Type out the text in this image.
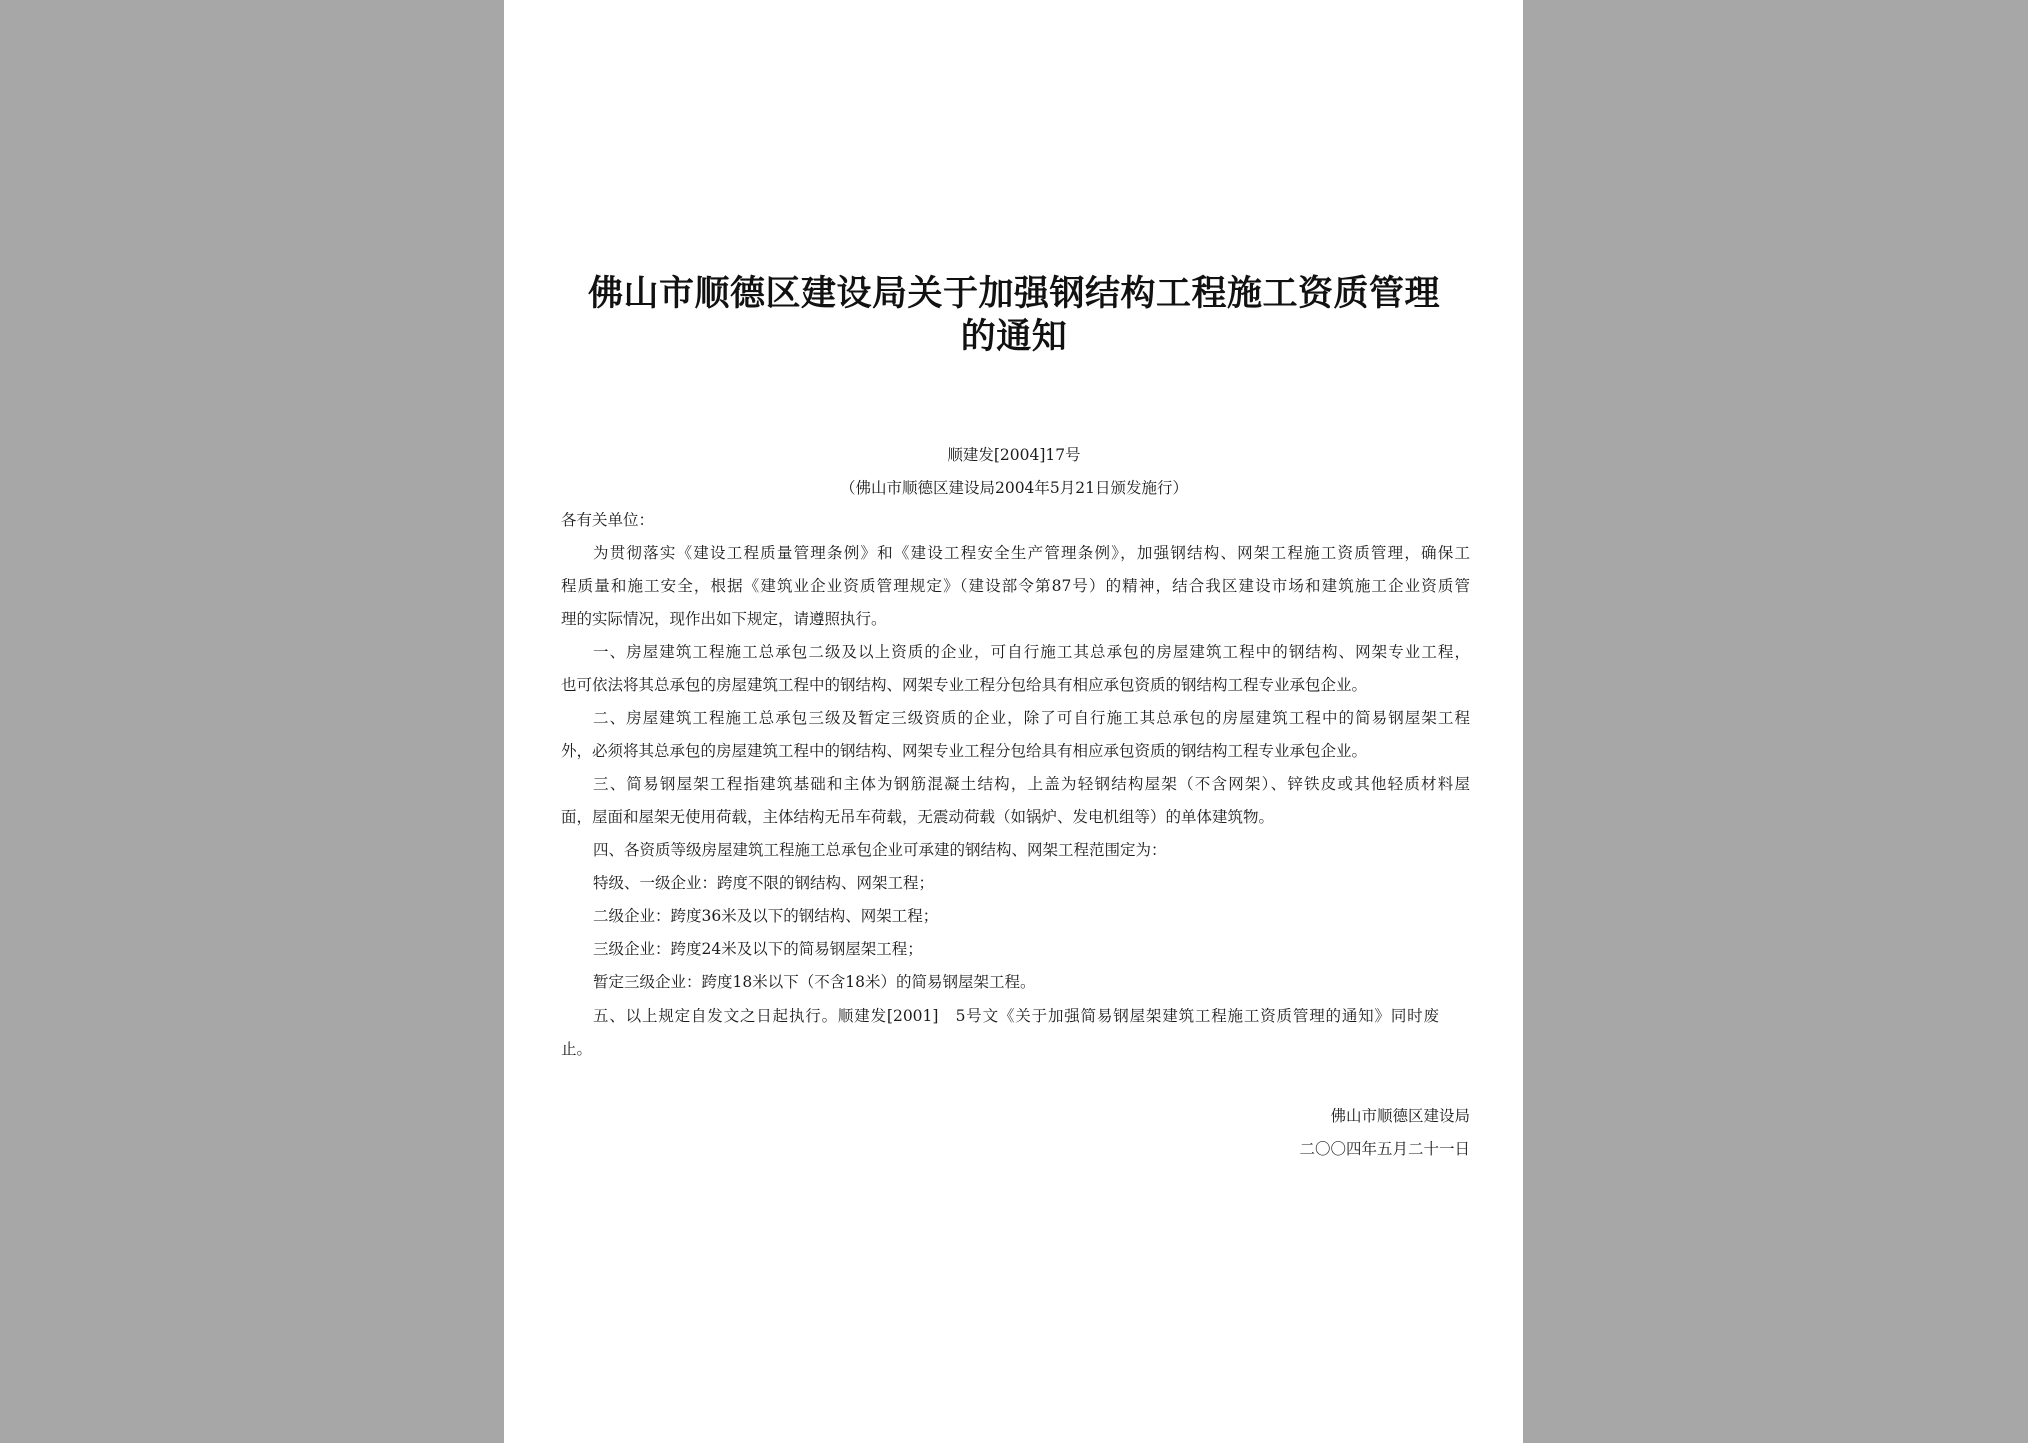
佛山市顺德区建设局关于加强钢结构工程施工资质管理
的通知
顺建发[2004]17号
（佛山市顺德区建设局2004年5月21日颁发施行）
各有关单位：
为贯彻落实《建设工程质量管理条例》和《建设工程安全生产管理条例》，加强钢结构、网架工程施工资质管理，确保工
程质量和施工安全，根据《建筑业企业资质管理规定》（建设部令第87号）的精神，结合我区建设市场和建筑施工企业资质管
理的实际情况，现作出如下规定，请遵照执行。
一、房屋建筑工程施工总承包二级及以上资质的企业，可自行施工其总承包的房屋建筑工程中的钢结构、网架专业工程，
也可依法将其总承包的房屋建筑工程中的钢结构、网架专业工程分包给具有相应承包资质的钢结构工程专业承包企业。
二、房屋建筑工程施工总承包三级及暂定三级资质的企业，除了可自行施工其总承包的房屋建筑工程中的简易钢屋架工程
外，必须将其总承包的房屋建筑工程中的钢结构、网架专业工程分包给具有相应承包资质的钢结构工程专业承包企业。
三、简易钢屋架工程指建筑基础和主体为钢筋混凝土结构，上盖为轻钢结构屋架（不含网架）、锌铁皮或其他轻质材料屋
面，屋面和屋架无使用荷载，主体结构无吊车荷载，无震动荷载（如锅炉、发电机组等）的单体建筑物。
四、各资质等级房屋建筑工程施工总承包企业可承建的钢结构、网架工程范围定为：
特级、一级企业：跨度不限的钢结构、网架工程；
二级企业：跨度36米及以下的钢结构、网架工程；
三级企业：跨度24米及以下的简易钢屋架工程；
暂定三级企业：跨度18米以下（不含18米）的简易钢屋架工程。
五、以上规定自发文之日起执行。顺建发[2001]　5号文《关于加强简易钢屋架建筑工程施工资质管理的通知》同时废
止。
佛山市顺德区建设局
二〇〇四年五月二十一日
